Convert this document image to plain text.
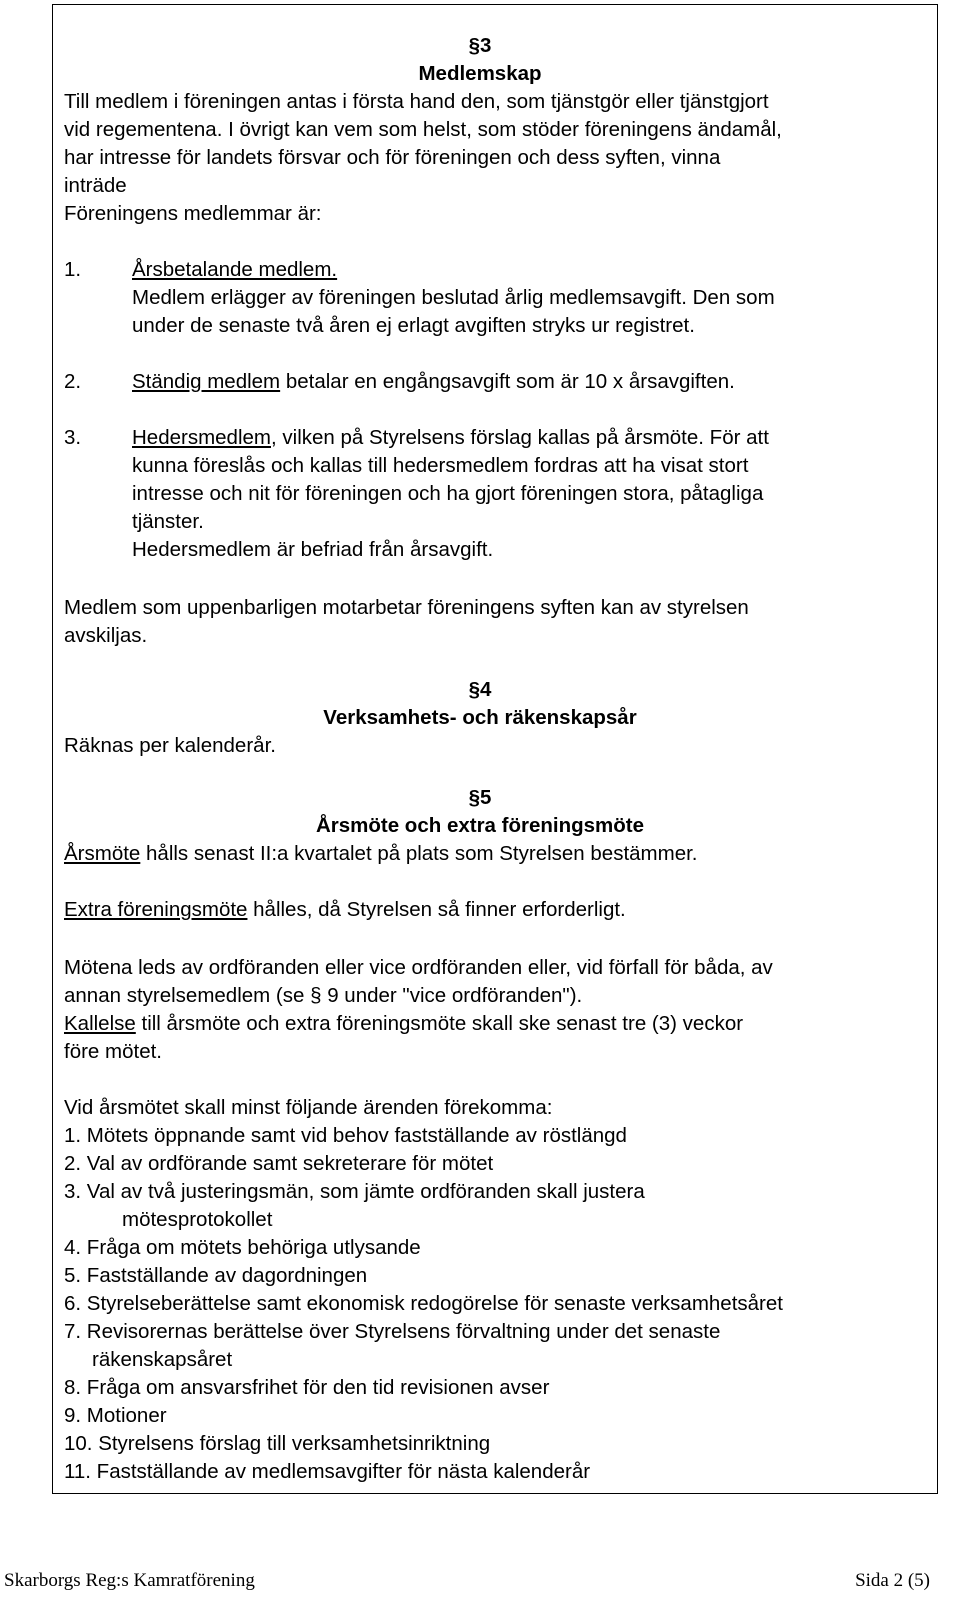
§3
Medlemskap
Till medlem i föreningen antas i första hand den, som tjänstgör eller tjänstgjort
vid regementena. I övrigt kan vem som helst, som stöder föreningens ändamål,
har intresse för landets försvar och för föreningen och dess syften, vinna
inträde
Föreningens medlemmar är:
1. Årsbetalande medlem.
Medlem erlägger av föreningen beslutad årlig medlemsavgift. Den som
under de senaste två åren ej erlagt avgiften stryks ur registret.
2. Ständig medlem betalar en engångsavgift som är 10 x årsavgiften.
3. Hedersmedlem, vilken på Styrelsens förslag kallas på årsmöte. För att
kunna föreslås och kallas till hedersmedlem fordras att ha visat stort
intresse och nit för föreningen och ha gjort föreningen stora, påtagliga
tjänster.
Hedersmedlem är befriad från årsavgift.
Medlem som uppenbarligen motarbetar föreningens syften kan av styrelsen
avskiljas.
§4
Verksamhets- och räkenskapsår
Räknas per kalenderår.
§5
Årsmöte och extra föreningsmöte
Årsmöte hålls senast II:a kvartalet på plats som Styrelsen bestämmer.
Extra föreningsmöte hålles, då Styrelsen så finner erforderligt.
Mötena leds av ordföranden eller vice ordföranden eller, vid förfall för båda, av
annan styrelsemedlem (se § 9 under "vice ordföranden").
Kallelse till årsmöte och extra föreningsmöte skall ske senast tre (3) veckor
före mötet.
Vid årsmötet skall minst följande ärenden förekomma:
1. Mötets öppnande samt vid behov fastställande av röstlängd
2. Val av ordförande samt sekreterare för mötet
3. Val av två justeringsmän, som jämte ordföranden skall justera
mötesprotokollet
4. Fråga om mötets behöriga utlysande
5. Fastställande av dagordningen
6. Styrelseberättelse samt ekonomisk redogörelse för senaste verksamhetsåret
7. Revisorernas berättelse över Styrelsens förvaltning under det senaste
räkenskapsåret
8. Fråga om ansvarsfrihet för den tid revisionen avser
9. Motioner
10. Styrelsens förslag till verksamhetsinriktning
11. Fastställande av medlemsavgifter för nästa kalenderår
Skarborgs Reg:s Kamratförening	Sida 2 (5)
